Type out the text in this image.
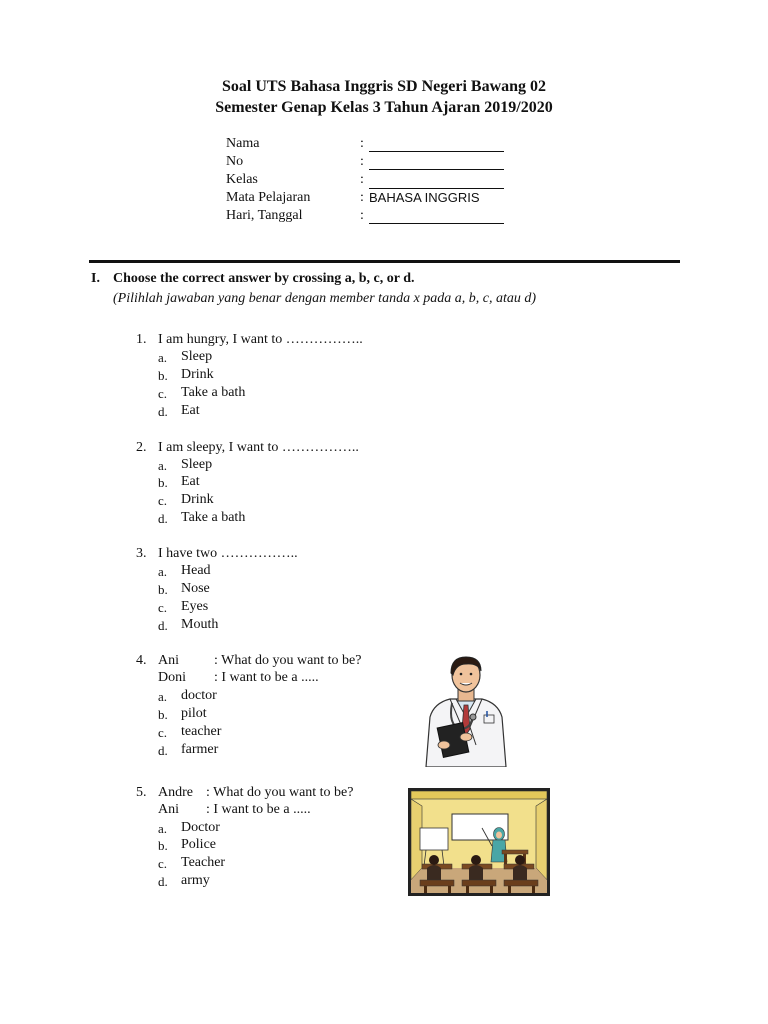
Soal UTS Bahasa Inggris SD Negeri Bawang 02
Semester Genap Kelas 3 Tahun Ajaran 2019/2020
Nama	:
No	:
Kelas	:
Mata Pelajaran	: BAHASA INGGRIS
Hari, Tanggal	:
I. Choose the correct answer by crossing a, b, c, or d.
(Pilihlah jawaban yang benar dengan member tanda x pada a, b, c, atau d)
1. I am hungry, I want to ……………..
a. Sleep
b. Drink
c. Take a bath
d. Eat
2. I am sleepy, I want to ……………..
a. Sleep
b. Eat
c. Drink
d. Take a bath
3. I have two ……………..
a. Head
b. Nose
c. Eyes
d. Mouth
4. Ani	: What do you want to be?
Doni : I want to be a .....
a. doctor
b. pilot
c. teacher
d. farmer
5. Andre : What do you want to be?
Ani : I want to be a .....
a. Doctor
b. Police
c. Teacher
d. army
